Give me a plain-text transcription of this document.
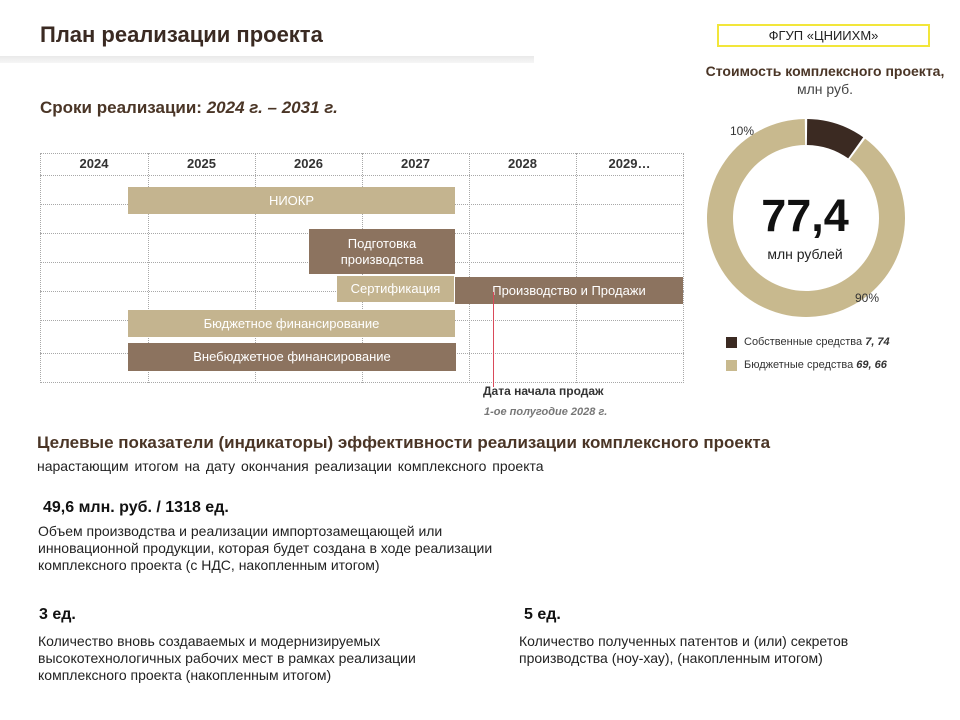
План реализации проекта	ФГУП «ЦНИИХМ»
Стоимость комплексного проекта, млн руб.
Сроки реализации: 2024 г. – 2031 г.
2024	2025	2026	2027	2028	2029…
НИОКР
Подготовка производства
Сертификация	Производство и Продажи
Бюджетное финансирование
Внебюджетное финансирование
Дата начала продаж
1-ое полугодие 2028 г.
10%
90%
77,4
млн рублей
Собственные средства 7, 74
Бюджетные средства 69, 66
Целевые показатели (индикаторы) эффективности реализации комплексного проекта
нарастающим итогом на дату окончания реализации комплексного проекта
49,6 млн. руб. / 1318 ед.
Объем производства и реализации импортозамещающей или инновационной продукции, которая будет создана в ходе реализации комплексного проекта (с НДС, накопленным итогом)
3 ед.
Количество вновь создаваемых и модернизируемых высокотехнологичных рабочих мест в рамках реализации комплексного проекта (накопленным итогом)
5 ед.
Количество полученных патентов и (или) секретов производства (ноу-хау), (накопленным итогом)
